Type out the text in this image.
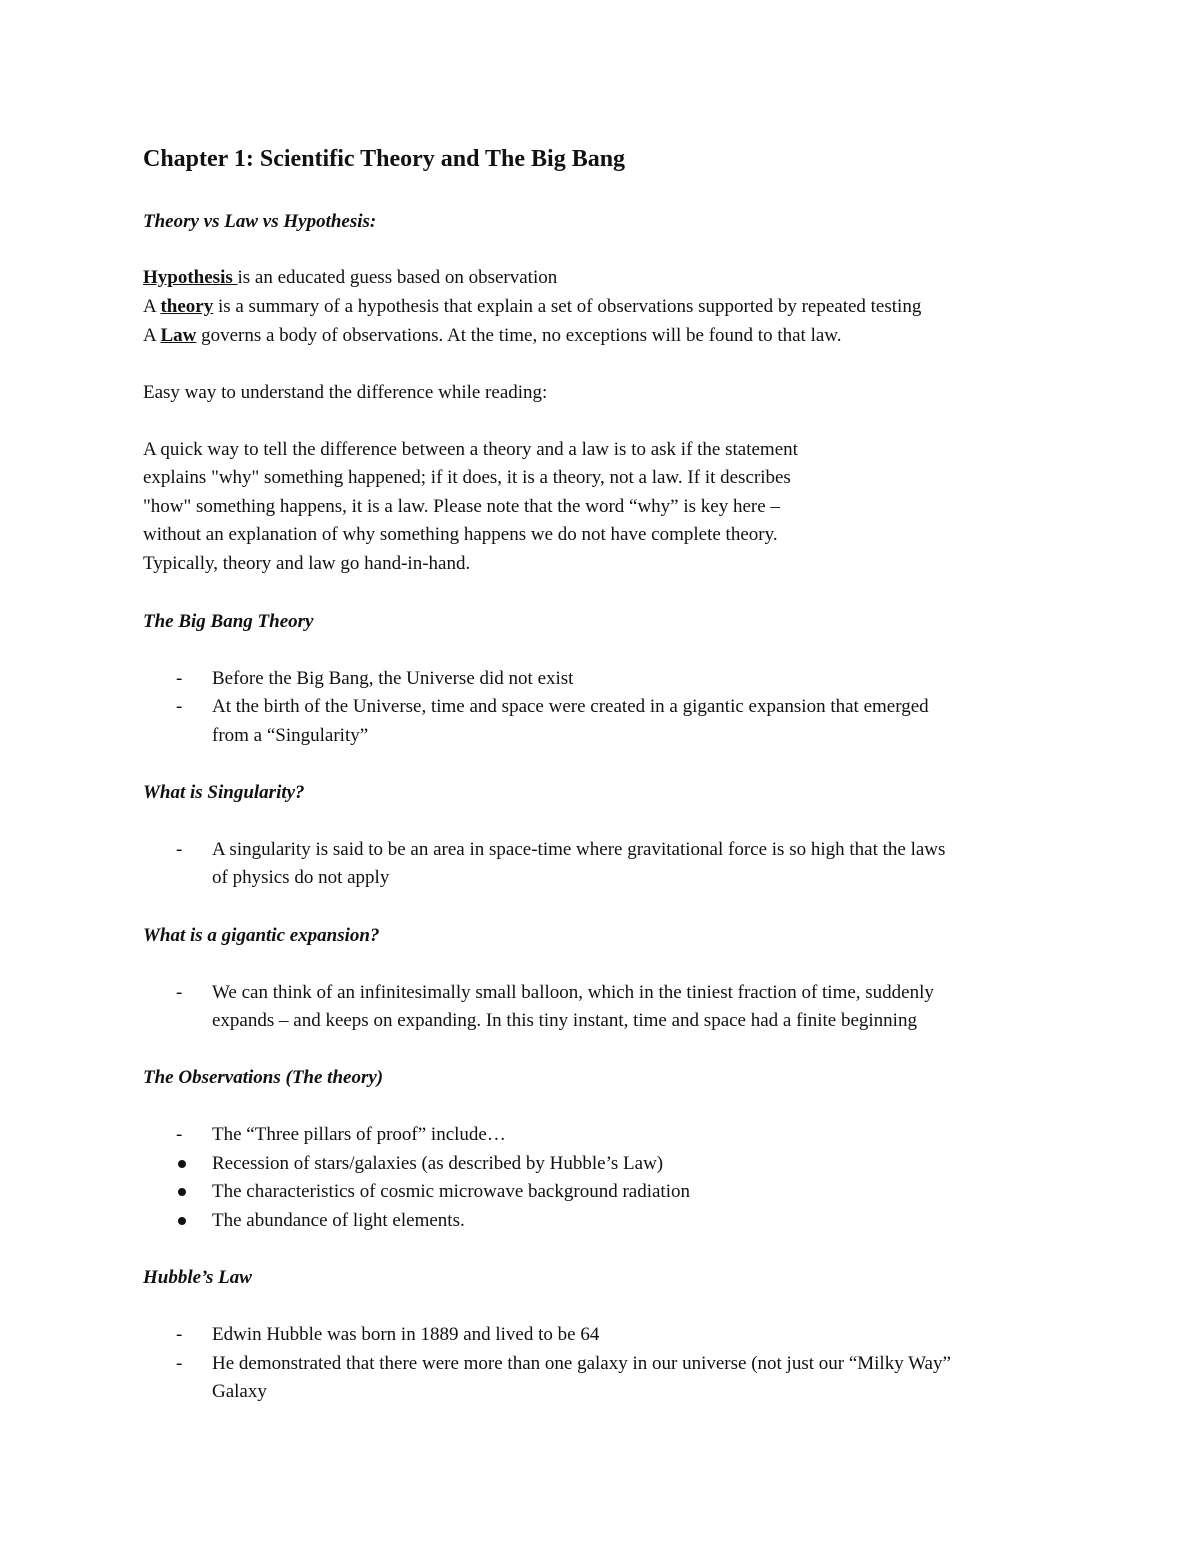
Chapter 1: Scientific Theory and The Big Bang
Theory vs Law vs Hypothesis:
Hypothesis is an educated guess based on observation
A theory is a summary of a hypothesis that explain a set of observations supported by repeated testing
A Law governs a body of observations. At the time, no exceptions will be found to that law.
Easy way to understand the difference while reading:
A quick way to tell the difference between a theory and a law is to ask if the statement
explains "why" something happened; if it does, it is a theory, not a law. If it describes
"how" something happens, it is a law. Please note that the word “why” is key here –
without an explanation of why something happens we do not have complete theory.
Typically, theory and law go hand-in-hand.
The Big Bang Theory
- Before the Big Bang, the Universe did not exist
- At the birth of the Universe, time and space were created in a gigantic expansion that emerged
from a “Singularity”
What is Singularity?
- A singularity is said to be an area in space-time where gravitational force is so high that the laws
of physics do not apply
What is a gigantic expansion?
- We can think of an infinitesimally small balloon, which in the tiniest fraction of time, suddenly
expands – and keeps on expanding. In this tiny instant, time and space had a finite beginning
The Observations (The theory)
- The “Three pillars of proof” include…
Recession of stars/galaxies (as described by Hubble’s Law)
The characteristics of cosmic microwave background radiation
The abundance of light elements.
Hubble’s Law
- Edwin Hubble was born in 1889 and lived to be 64
- He demonstrated that there were more than one galaxy in our universe (not just our “Milky Way”
Galaxy
